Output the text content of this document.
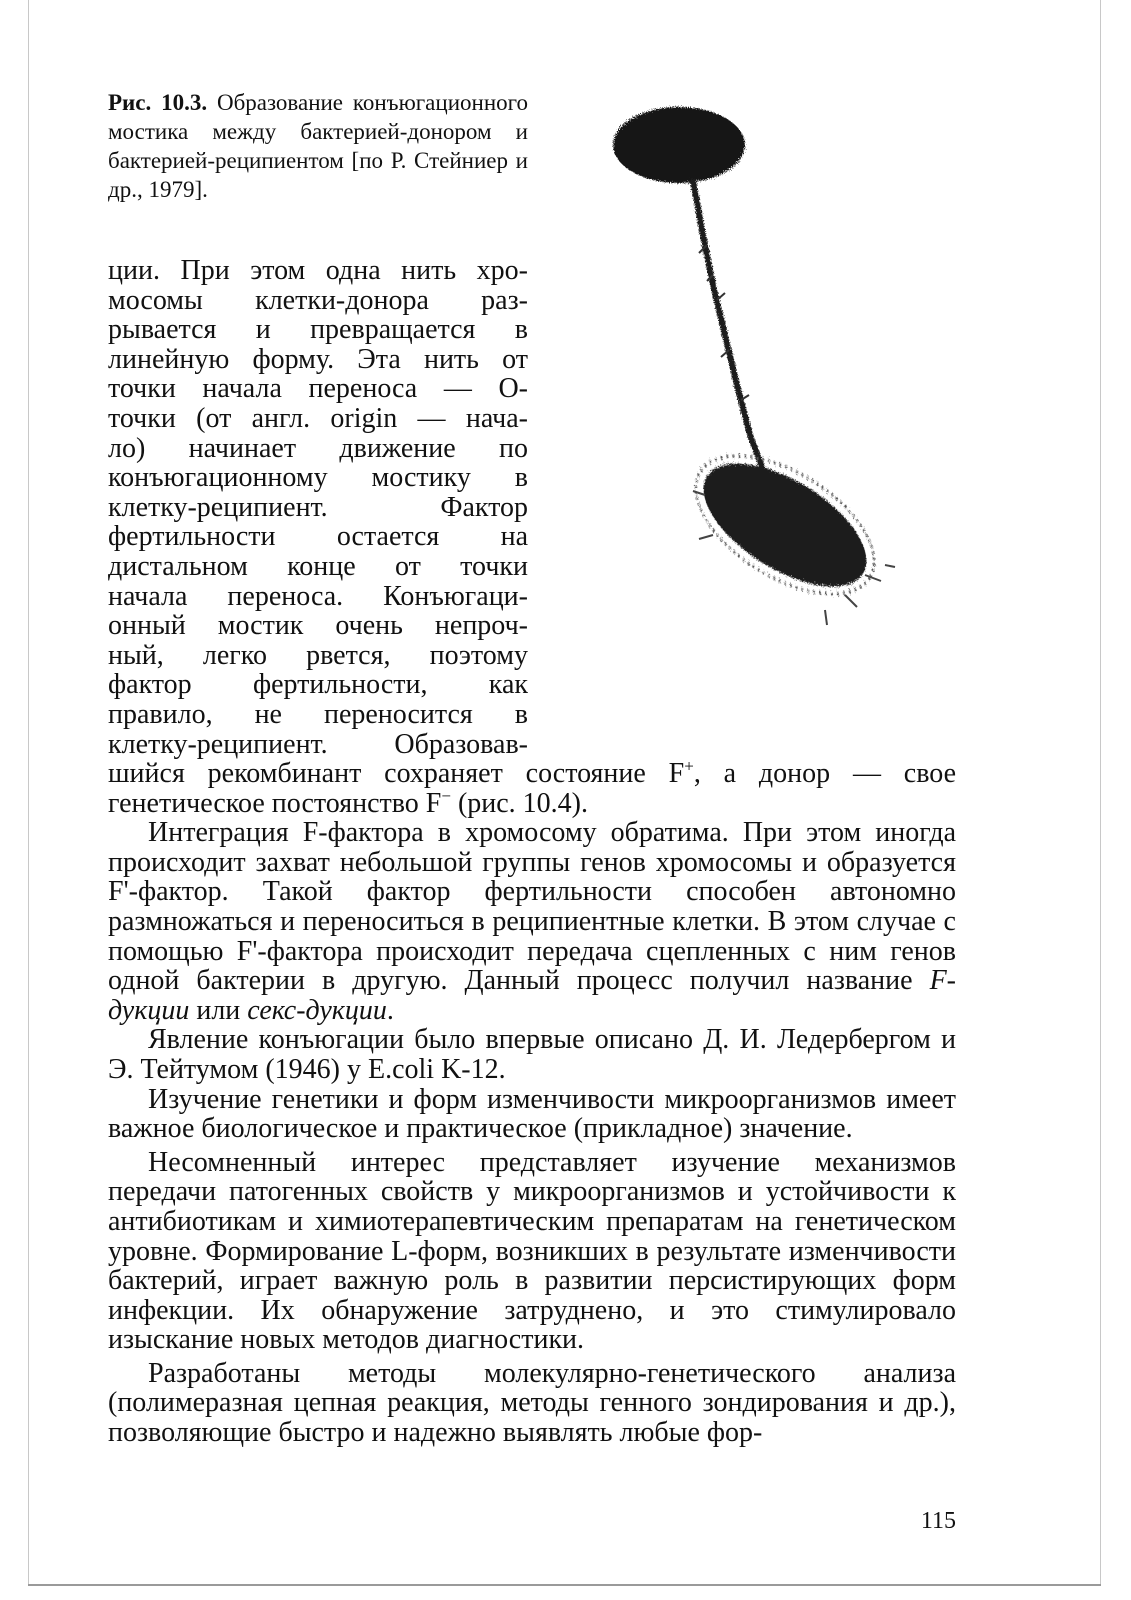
Рис. 10.3. Образование конъюгационного мостика между бактерией-донором и бактерией-реципиентом [по Р. Стейниер и др., 1979].

ции. При этом одна нить хро-
мосомы клетки-донора раз-
рывается и превращается в
линейную форму. Эта нить от
точки начала переноса — О-
точки (от англ. origin — нача-
ло) начинает движение по
конъюгационному мостику в
клетку-реципиент. Фактор
фертильности остается на
дистальном конце от точки
начала переноса. Конъюгаци-
онный мостик очень непроч-
ный, легко рвется, поэтому
фактор фертильности, как
правило, не переносится в
клетку-реципиент. Образовав-

шийся рекомбинант сохраняет состояние F+, а донор — свое генетическое постоянство F− (рис. 10.4).

Интеграция F-фактора в хромосому обратима. При этом иногда происходит захват небольшой группы генов хромосомы и образуется F'-фактор. Такой фактор фертильности способен автономно размножаться и переноситься в реципиентные клетки. В этом случае с помощью F'-фактора происходит передача сцепленных с ним генов одной бактерии в другую. Данный процесс получил название F-дукции или секс-дукции.

Явление конъюгации было впервые описано Д. И. Ледербергом и Э. Тейтумом (1946) у E.coli K-12.

Изучение генетики и форм изменчивости микроорганизмов имеет важное биологическое и практическое (прикладное) значение.

Несомненный интерес представляет изучение механизмов передачи патогенных свойств у микроорганизмов и устойчивости к антибиотикам и химиотерапевтическим препаратам на генетическом уровне. Формирование L-форм, возникших в результате изменчивости бактерий, играет важную роль в развитии персистирующих форм инфекции. Их обнаружение затруднено, и это стимулировало изыскание новых методов диагностики.

Разработаны методы молекулярно-генетического анализа (полимеразная цепная реакция, методы генного зондирования и др.), позволяющие быстро и надежно выявлять любые фор-

115
